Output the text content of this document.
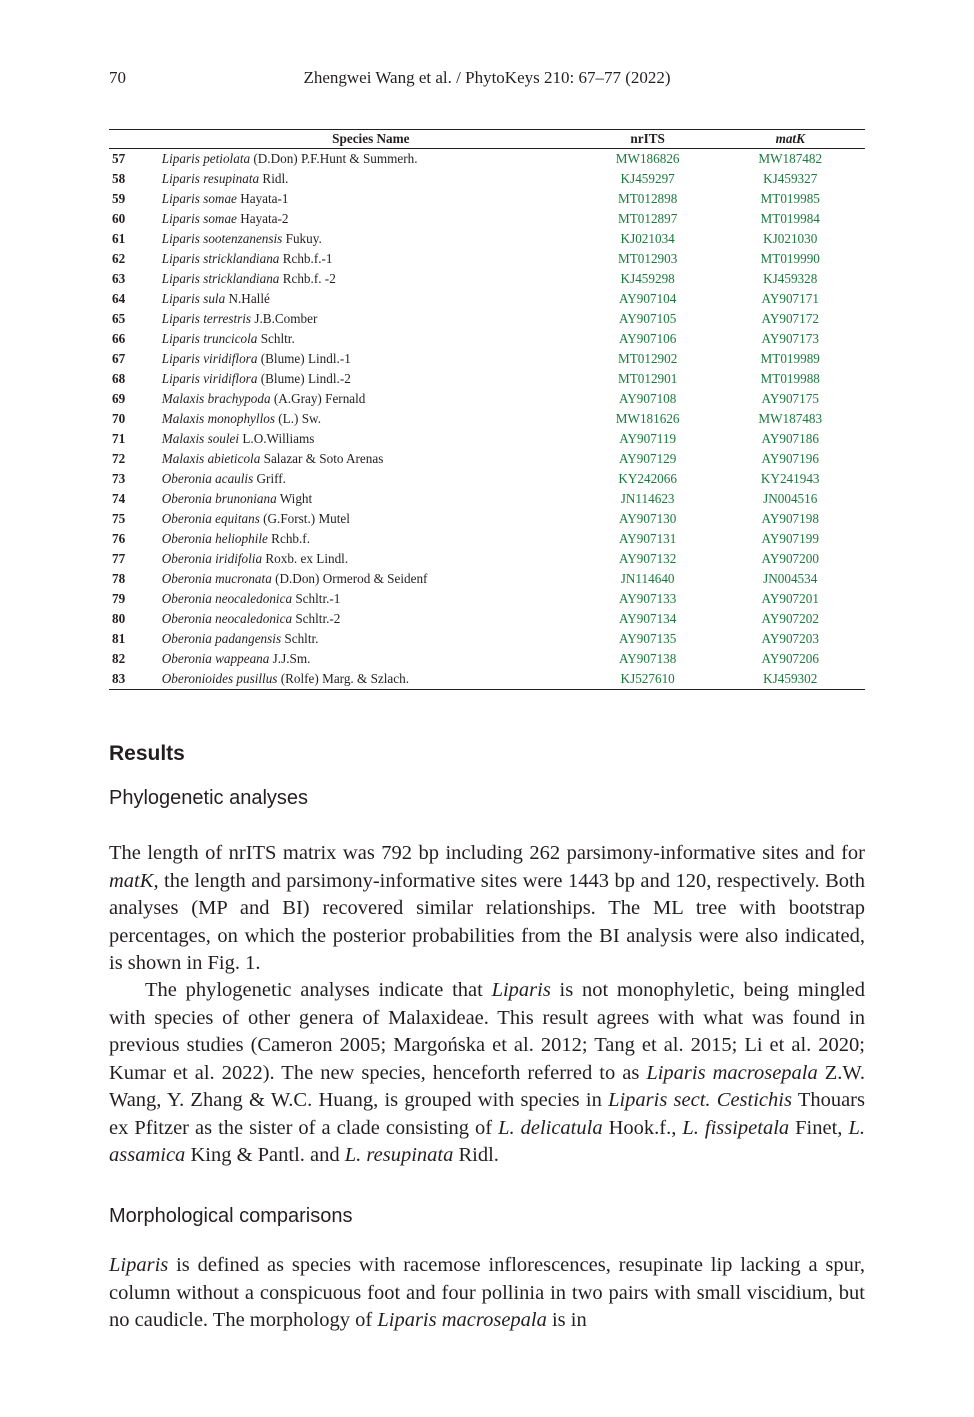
70	Zhengwei Wang et al. / PhytoKeys 210: 67–77 (2022)
	Species Name	nrITS	matK
57	Liparis petiolata (D.Don) P.F.Hunt & Summerh.	MW186826	MW187482
58	Liparis resupinata Ridl.	KJ459297	KJ459327
59	Liparis somae Hayata-1	MT012898	MT019985
60	Liparis somae Hayata-2	MT012897	MT019984
61	Liparis sootenzanensis Fukuy.	KJ021034	KJ021030
62	Liparis stricklandiana Rchb.f.-1	MT012903	MT019990
63	Liparis stricklandiana Rchb.f. -2	KJ459298	KJ459328
64	Liparis sula N.Hallé	AY907104	AY907171
65	Liparis terrestris J.B.Comber	AY907105	AY907172
66	Liparis truncicola Schltr.	AY907106	AY907173
67	Liparis viridiflora (Blume) Lindl.-1	MT012902	MT019989
68	Liparis viridiflora (Blume) Lindl.-2	MT012901	MT019988
69	Malaxis brachypoda (A.Gray) Fernald	AY907108	AY907175
70	Malaxis monophyllos (L.) Sw.	MW181626	MW187483
71	Malaxis soulei L.O.Williams	AY907119	AY907186
72	Malaxis abieticola Salazar & Soto Arenas	AY907129	AY907196
73	Oberonia acaulis Griff.	KY242066	KY241943
74	Oberonia brunoniana Wight	JN114623	JN004516
75	Oberonia equitans (G.Forst.) Mutel	AY907130	AY907198
76	Oberonia heliophile Rchb.f.	AY907131	AY907199
77	Oberonia iridifolia Roxb. ex Lindl.	AY907132	AY907200
78	Oberonia mucronata (D.Don) Ormerod & Seidenf	JN114640	JN004534
79	Oberonia neocaledonica Schltr.-1	AY907133	AY907201
80	Oberonia neocaledonica Schltr.-2	AY907134	AY907202
81	Oberonia padangensis Schltr.	AY907135	AY907203
82	Oberonia wappeana J.J.Sm.	AY907138	AY907206
83	Oberonioides pusillus (Rolfe) Marg. & Szlach.	KJ527610	KJ459302
Results
Phylogenetic analyses

The length of nrITS matrix was 792 bp including 262 parsimony-informative sites and for matK, the length and parsimony-informative sites were 1443 bp and 120, respectively. Both analyses (MP and BI) recovered similar relationships. The ML tree with bootstrap percentages, on which the posterior probabilities from the BI analysis were also indicated, is shown in Fig. 1.

The phylogenetic analyses indicate that Liparis is not monophyletic, being mingled with species of other genera of Malaxideae. This result agrees with what was found in previous studies (Cameron 2005; Margońska et al. 2012; Tang et al. 2015; Li et al. 2020; Kumar et al. 2022). The new species, henceforth referred to as Liparis macrosepala Z.W. Wang, Y. Zhang & W.C. Huang, is grouped with species in Liparis sect. Cestichis Thouars ex Pfitzer as the sister of a clade consisting of L. delicatula Hook.f., L. fissipetala Finet, L. assamica King & Pantl. and L. resupinata Ridl.

Morphological comparisons

Liparis is defined as species with racemose inflorescences, resupinate lip lacking a spur, column without a conspicuous foot and four pollinia in two pairs with small viscidium, but no caudicle. The morphology of Liparis macrosepala is in
